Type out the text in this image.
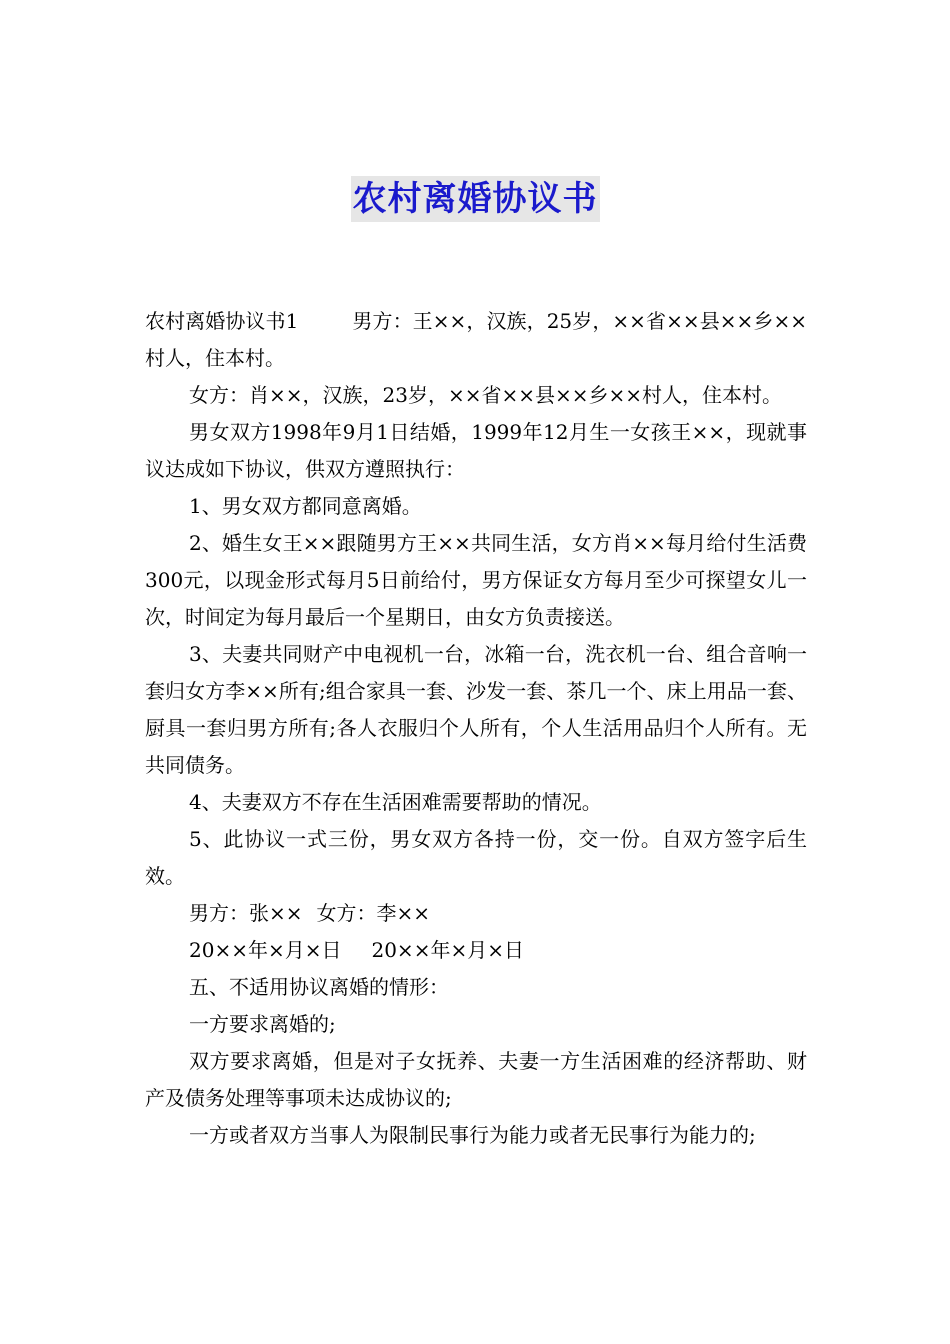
农村离婚协议书

农村离婚协议书1	男方：王××，汉族，25岁，××省××县××乡××村人，住本村。

女方：肖××，汉族，23岁，××省××县××乡××村人，住本村。

男女双方1998年9月1日结婚，1999年12月生一女孩王××，现就事议达成如下协议，供双方遵照执行：

1、男女双方都同意离婚。

2、婚生女王××跟随男方王××共同生活，女方肖××每月给付生活费300元，以现金形式每月5日前给付，男方保证女方每月至少可探望女儿一次，时间定为每月最后一个星期日，由女方负责接送。

3、夫妻共同财产中电视机一台，冰箱一台，洗衣机一台、组合音响一套归女方李××所有;组合家具一套、沙发一套、茶几一个、床上用品一套、厨具一套归男方所有;各人衣服归个人所有，个人生活用品归个人所有。无共同债务。

4、夫妻双方不存在生活困难需要帮助的情况。

5、此协议一式三份，男女双方各持一份，交一份。自双方签字后生效。

男方：张×× 女方：李××

20××年×月×日 20××年×月×日

五、不适用协议离婚的情形：

一方要求离婚的;

双方要求离婚，但是对子女抚养、夫妻一方生活困难的经济帮助、财产及债务处理等事项未达成协议的;

一方或者双方当事人为限制民事行为能力或者无民事行为能力的;
